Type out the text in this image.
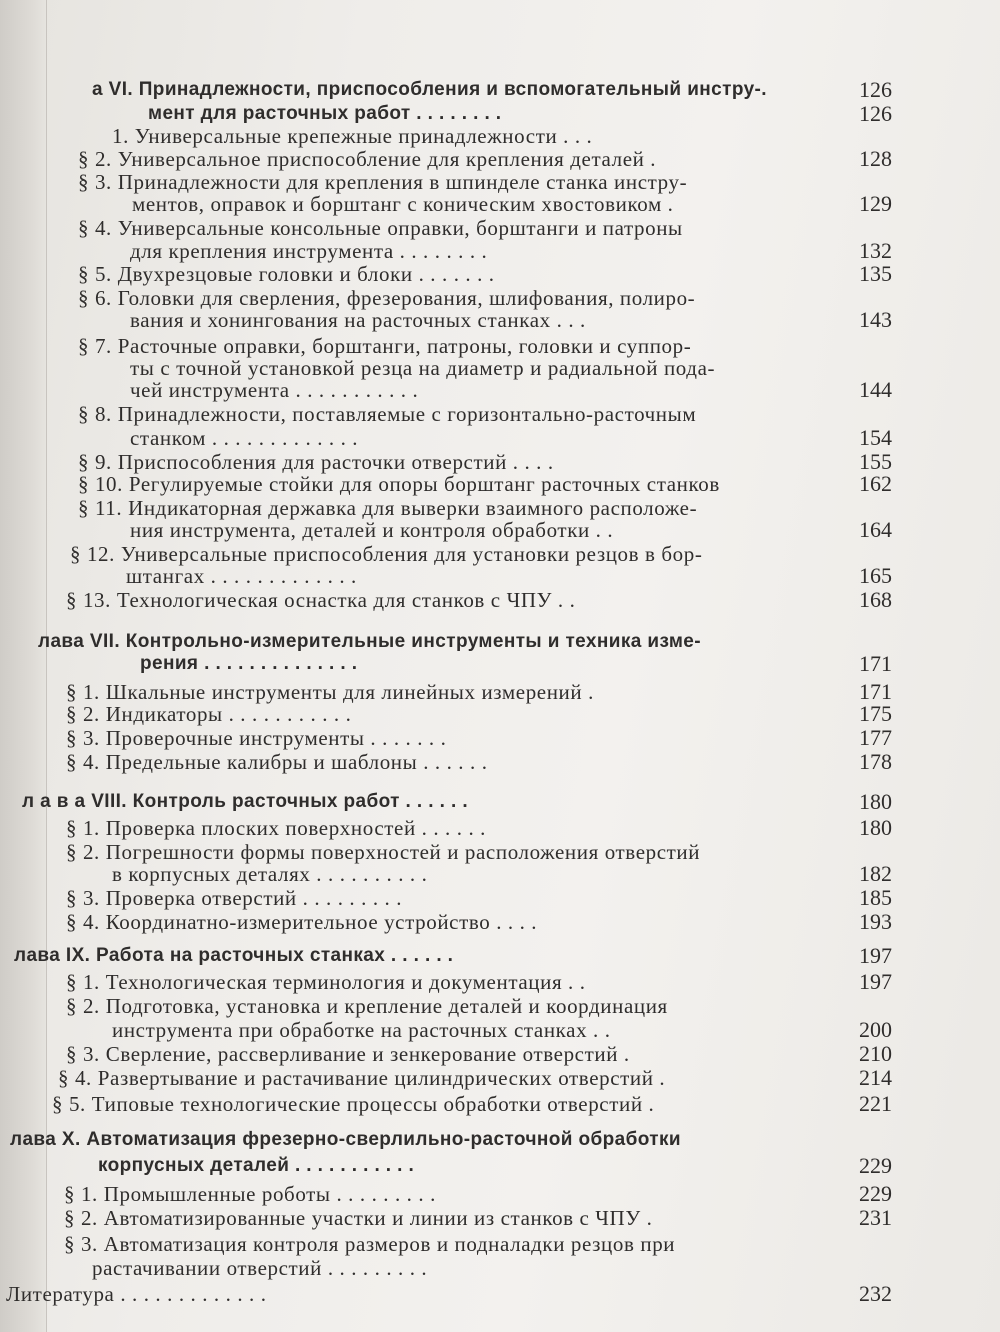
а VI. Принадлежности, приспособления и вспомогательный инстру-.	126
мент для расточных работ . . . . . . . .	126
1. Универсальные крепежные принадлежности . . .
§ 2. Универсальное приспособление для крепления деталей .	128
§ 3. Принадлежности для крепления в шпинделе станка инстру-
ментов, оправок и борштанг с коническим хвостовиком .	129
§ 4. Универсальные консольные оправки, борштанги и патроны
для крепления инструмента . . . . . . . .	132
§ 5. Двухрезцовые головки и блоки . . . . . . .	135
§ 6. Головки для сверления, фрезерования, шлифования, полиро-
вания и хонингования на расточных станках . . .	143
§ 7. Расточные оправки, борштанги, патроны, головки и суппор-
ты с точной установкой резца на диаметр и радиальной пода-
чей инструмента . . . . . . . . . . .	144
§ 8. Принадлежности, поставляемые с горизонтально-расточным
станком . . . . . . . . . . . . .	154
§ 9. Приспособления для расточки отверстий . . . .	155
§ 10. Регулируемые стойки для опоры борштанг расточных станков	162
§ 11. Индикаторная державка для выверки взаимного расположе-
ния инструмента, деталей и контроля обработки . .	164
§ 12. Универсальные приспособления для установки резцов в бор-
штангах . . . . . . . . . . . . .	165
§ 13. Технологическая оснастка для станков с ЧПУ . .	168
лава VII. Контрольно-измерительные инструменты и техника изме-
рения . . . . . . . . . . . . . .	171
§ 1. Шкальные инструменты для линейных измерений .	171
§ 2. Индикаторы . . . . . . . . . . .	175
§ 3. Проверочные инструменты . . . . . . .	177
§ 4. Предельные калибры и шаблоны . . . . . .	178
л а в а VIII. Контроль расточных работ . . . . . .	180
§ 1. Проверка плоских поверхностей . . . . . .	180
§ 2. Погрешности формы поверхностей и расположения отверстий
в корпусных деталях . . . . . . . . . .	182
§ 3. Проверка отверстий . . . . . . . . .	185
§ 4. Координатно-измерительное устройство . . . .	193
лава IX. Работа на расточных станках . . . . . .	197
§ 1. Технологическая терминология и документация . .	197
§ 2. Подготовка, установка и крепление деталей и координация
инструмента при обработке на расточных станках . .	200
§ 3. Сверление, рассверливание и зенкерование отверстий .	210
§ 4. Развертывание и растачивание цилиндрических отверстий .	214
§ 5. Типовые технологические процессы обработки отверстий .	221
лава X. Автоматизация фрезерно-сверлильно-расточной обработки
корпусных деталей . . . . . . . . . . .	229
§ 1. Промышленные роботы . . . . . . . . .	229
§ 2. Автоматизированные участки и линии из станков с ЧПУ .	231
§ 3. Автоматизация контроля размеров и подналадки резцов при
растачивании отверстий . . . . . . . . .
Литература . . . . . . . . . . . . .	232
